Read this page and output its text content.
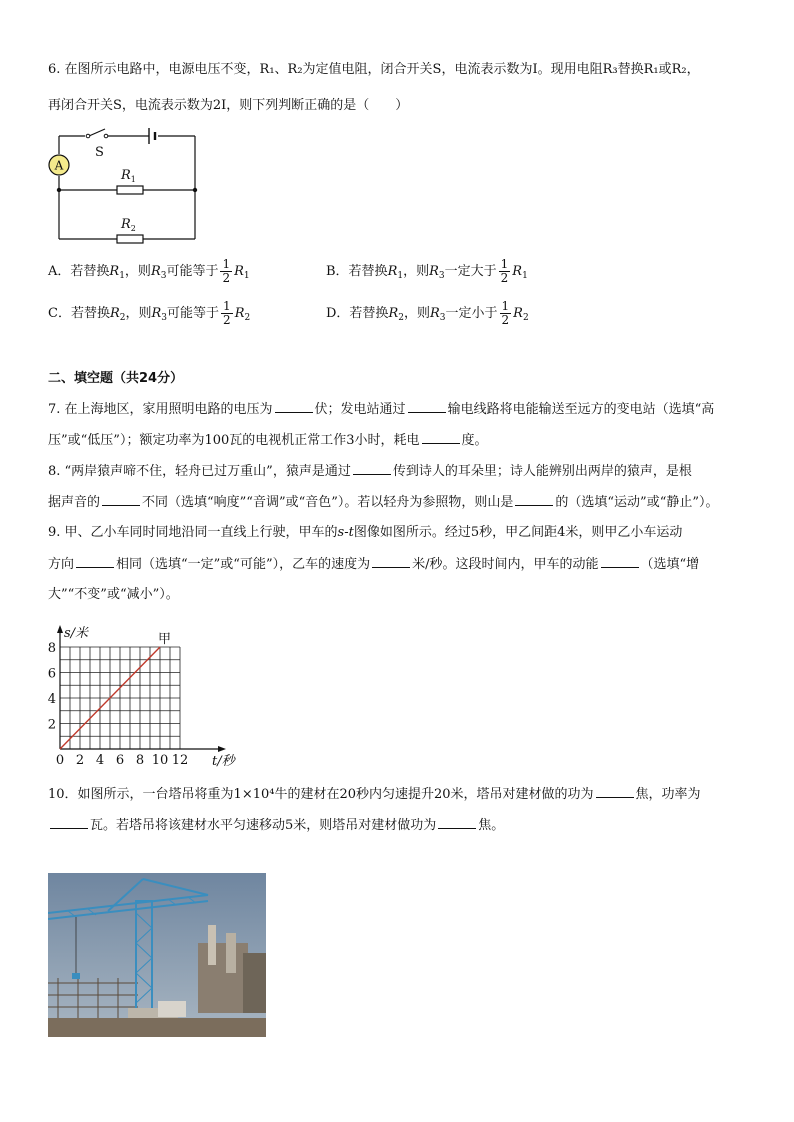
6. 在图所示电路中，电源电压不变，R₁、R₂为定值电阻，闭合开关S，电流表示数为I。现用电阻R₃替换R₁或R₂，
再闭合开关S，电流表示数为2I，则下列判断正确的是（　　）
A
S
$R_1$
$R_2$
A．若替换$R_1$，则$R_3$可能等于 $\frac{1}{2} R_1$	B．若替换$R_1$，则$R_3$一定大于 $\frac{1}{2} R_1$
C．若替换$R_2$，则$R_3$可能等于 $\frac{1}{2} R_2$	D．若替换$R_2$，则$R_3$一定小于 $\frac{1}{2} R_2$
二、填空题（共24分）
7. 在上海地区，家用照明电路的电压为	伏；发电站通过	输电线路将电能输送至远方的变电站（选填“高
压”或“低压”）；额定功率为100瓦的电视机正常工作3小时，耗电	度。
8. “两岸猿声啼不住，轻舟已过万重山”，猿声是通过	传到诗人的耳朵里；诗人能辨别出两岸的猿声，是根
据声音的	不同（选填“响度”“音调”或“音色”）。若以轻舟为参照物，则山是	的（选填“运动”或“静止”）。
9. 甲、乙小车同时同地沿同一直线上行驶，甲车的s-t图像如图所示。经过5秒，甲乙间距4米，则甲乙小车运动
方向	相同（选填“一定”或“可能”），乙车的速度为	米/秒。这段时间内，甲车的动能	（选填“增
大”“不变”或“减小”）。
0 2 4 6 8 10 12
2
4
6
8
s/米
t/秒
甲
10．如图所示，一台塔吊将重为1×10⁴牛的建材在20秒内匀速提升20米，塔吊对建材做的功为	焦，功率为
瓦。若塔吊将该建材水平匀速移动5米，则塔吊对建材做功为	焦。
